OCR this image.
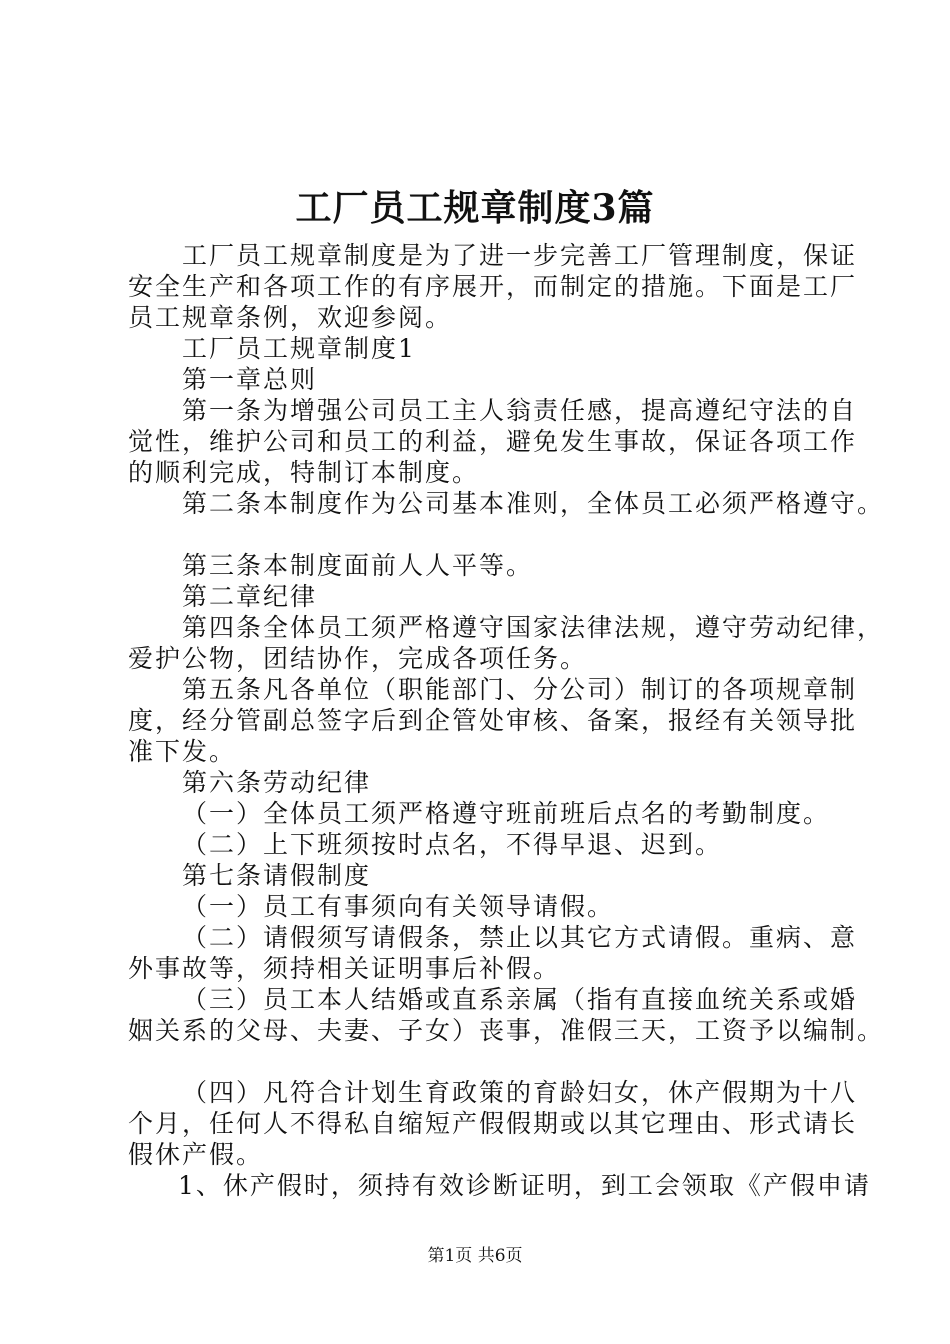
工厂员工规章制度3篇
工厂员工规章制度是为了进一步完善工厂管理制度，保证
安全生产和各项工作的有序展开，而制定的措施。下面是工厂
员工规章条例，欢迎参阅。
工厂员工规章制度1
第一章总则
第一条为增强公司员工主人翁责任感，提高遵纪守法的自
觉性，维护公司和员工的利益，避免发生事故，保证各项工作
的顺利完成，特制订本制度。
第二条本制度作为公司基本准则，全体员工必须严格遵守。
第三条本制度面前人人平等。
第二章纪律
第四条全体员工须严格遵守国家法律法规，遵守劳动纪律，
爱护公物，团结协作，完成各项任务。
第五条凡各单位（职能部门、分公司）制订的各项规章制
度，经分管副总签字后到企管处审核、备案，报经有关领导批
准下发。
第六条劳动纪律
（一）全体员工须严格遵守班前班后点名的考勤制度。
（二）上下班须按时点名，不得早退、迟到。
第七条请假制度
（一）员工有事须向有关领导请假。
（二）请假须写请假条，禁止以其它方式请假。重病、意
外事故等，须持相关证明事后补假。
（三）员工本人结婚或直系亲属（指有直接血统关系或婚
姻关系的父母、夫妻、子女）丧事，准假三天，工资予以编制。
（四）凡符合计划生育政策的育龄妇女，休产假期为十八
个月，任何人不得私自缩短产假假期或以其它理由、形式请长
假休产假。
1、休产假时，须持有效诊断证明，到工会领取《产假申请
第1页 共6页
